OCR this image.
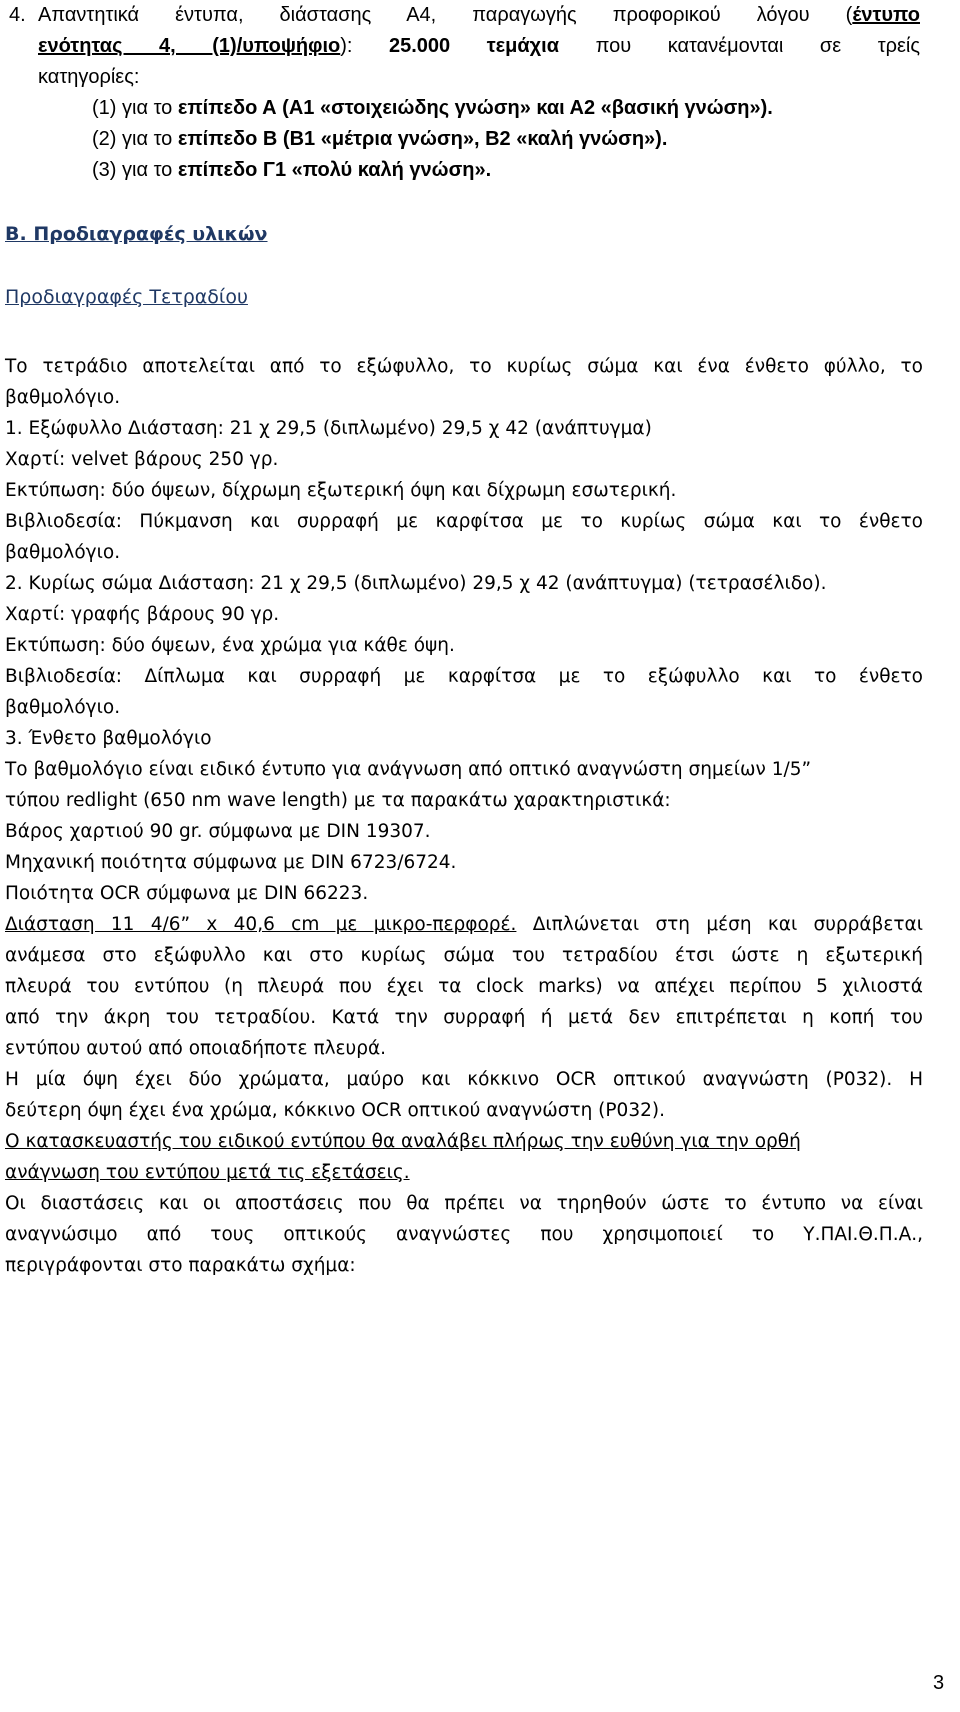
4. Απαντητικά έντυπα, διάστασης Α4, παραγωγής προφορικού λόγου (έντυπο
ενότητας 4, (1)/υποψήφιο): 25.000 τεμάχια που κατανέμονται σε τρείς
κατηγορίες:
(1) για το επίπεδο Α (Α1 «στοιχειώδης γνώση» και Α2 «βασική γνώση»).
(2) για το επίπεδο Β (Β1 «μέτρια γνώση», Β2 «καλή γνώση»).
(3) για το επίπεδο Γ1 «πολύ καλή γνώση».
Β. Προδιαγραφές υλικών
Προδιαγραφές Τετραδίου
Το τετράδιο αποτελείται από το εξώφυλλο, το κυρίως σώμα και ένα ένθετο φύλλο, το
βαθμολόγιο.
1. Εξώφυλλο Διάσταση: 21 χ 29,5 (διπλωμένο) 29,5 χ 42 (ανάπτυγμα)
Χαρτί: velvet βάρους 250 γρ.
Εκτύπωση: δύο όψεων, δίχρωμη εξωτερική όψη και δίχρωμη εσωτερική.
Βιβλιοδεσία: Πύκμανση και συρραφή με καρφίτσα με το κυρίως σώμα και το ένθετο
βαθμολόγιο.
2. Κυρίως σώμα Διάσταση: 21 χ 29,5 (διπλωμένο) 29,5 χ 42 (ανάπτυγμα) (τετρασέλιδο).
Χαρτί: γραφής βάρους 90 γρ.
Εκτύπωση: δύο όψεων, ένα χρώμα για κάθε όψη.
Βιβλιοδεσία: Δίπλωμα και συρραφή με καρφίτσα με το εξώφυλλο και το ένθετο
βαθμολόγιο.
3. Ένθετο βαθμολόγιο
Το βαθμολόγιο είναι ειδικό έντυπο για ανάγνωση από οπτικό αναγνώστη σημείων 1/5”
τύπου redlight (650 nm wave length) με τα παρακάτω χαρακτηριστικά:
Βάρος χαρτιού 90 gr. σύμφωνα με DIN 19307.
Μηχανική ποιότητα σύμφωνα με DIN 6723/6724.
Ποιότητα OCR σύμφωνα με DIN 66223.
Διάσταση 11 4/6” x 40,6 cm με μικρο-περφορέ. Διπλώνεται στη μέση και συρράβεται
ανάμεσα στο εξώφυλλο και στο κυρίως σώμα του τετραδίου έτσι ώστε η εξωτερική
πλευρά του εντύπου (η πλευρά που έχει τα clock marks) να απέχει περίπου 5 χιλιοστά
από την άκρη του τετραδίου. Κατά την συρραφή ή μετά δεν επιτρέπεται η κοπή του
εντύπου αυτού από οποιαδήποτε πλευρά.
Η μία όψη έχει δύο χρώματα, μαύρο και κόκκινο OCR οπτικού αναγνώστη (P032). Η
δεύτερη όψη έχει ένα χρώμα, κόκκινο OCR οπτικού αναγνώστη (P032).
Ο κατασκευαστής του ειδικού εντύπου θα αναλάβει πλήρως την ευθύνη για την ορθή
ανάγνωση του εντύπου μετά τις εξετάσεις.
Οι διαστάσεις και οι αποστάσεις που θα πρέπει να τηρηθούν ώστε το έντυπο να είναι
αναγνώσιμο από τους οπτικούς αναγνώστες που χρησιμοποιεί το Υ.ΠΑΙ.Θ.Π.Α.,
περιγράφονται στο παρακάτω σχήμα:
3
